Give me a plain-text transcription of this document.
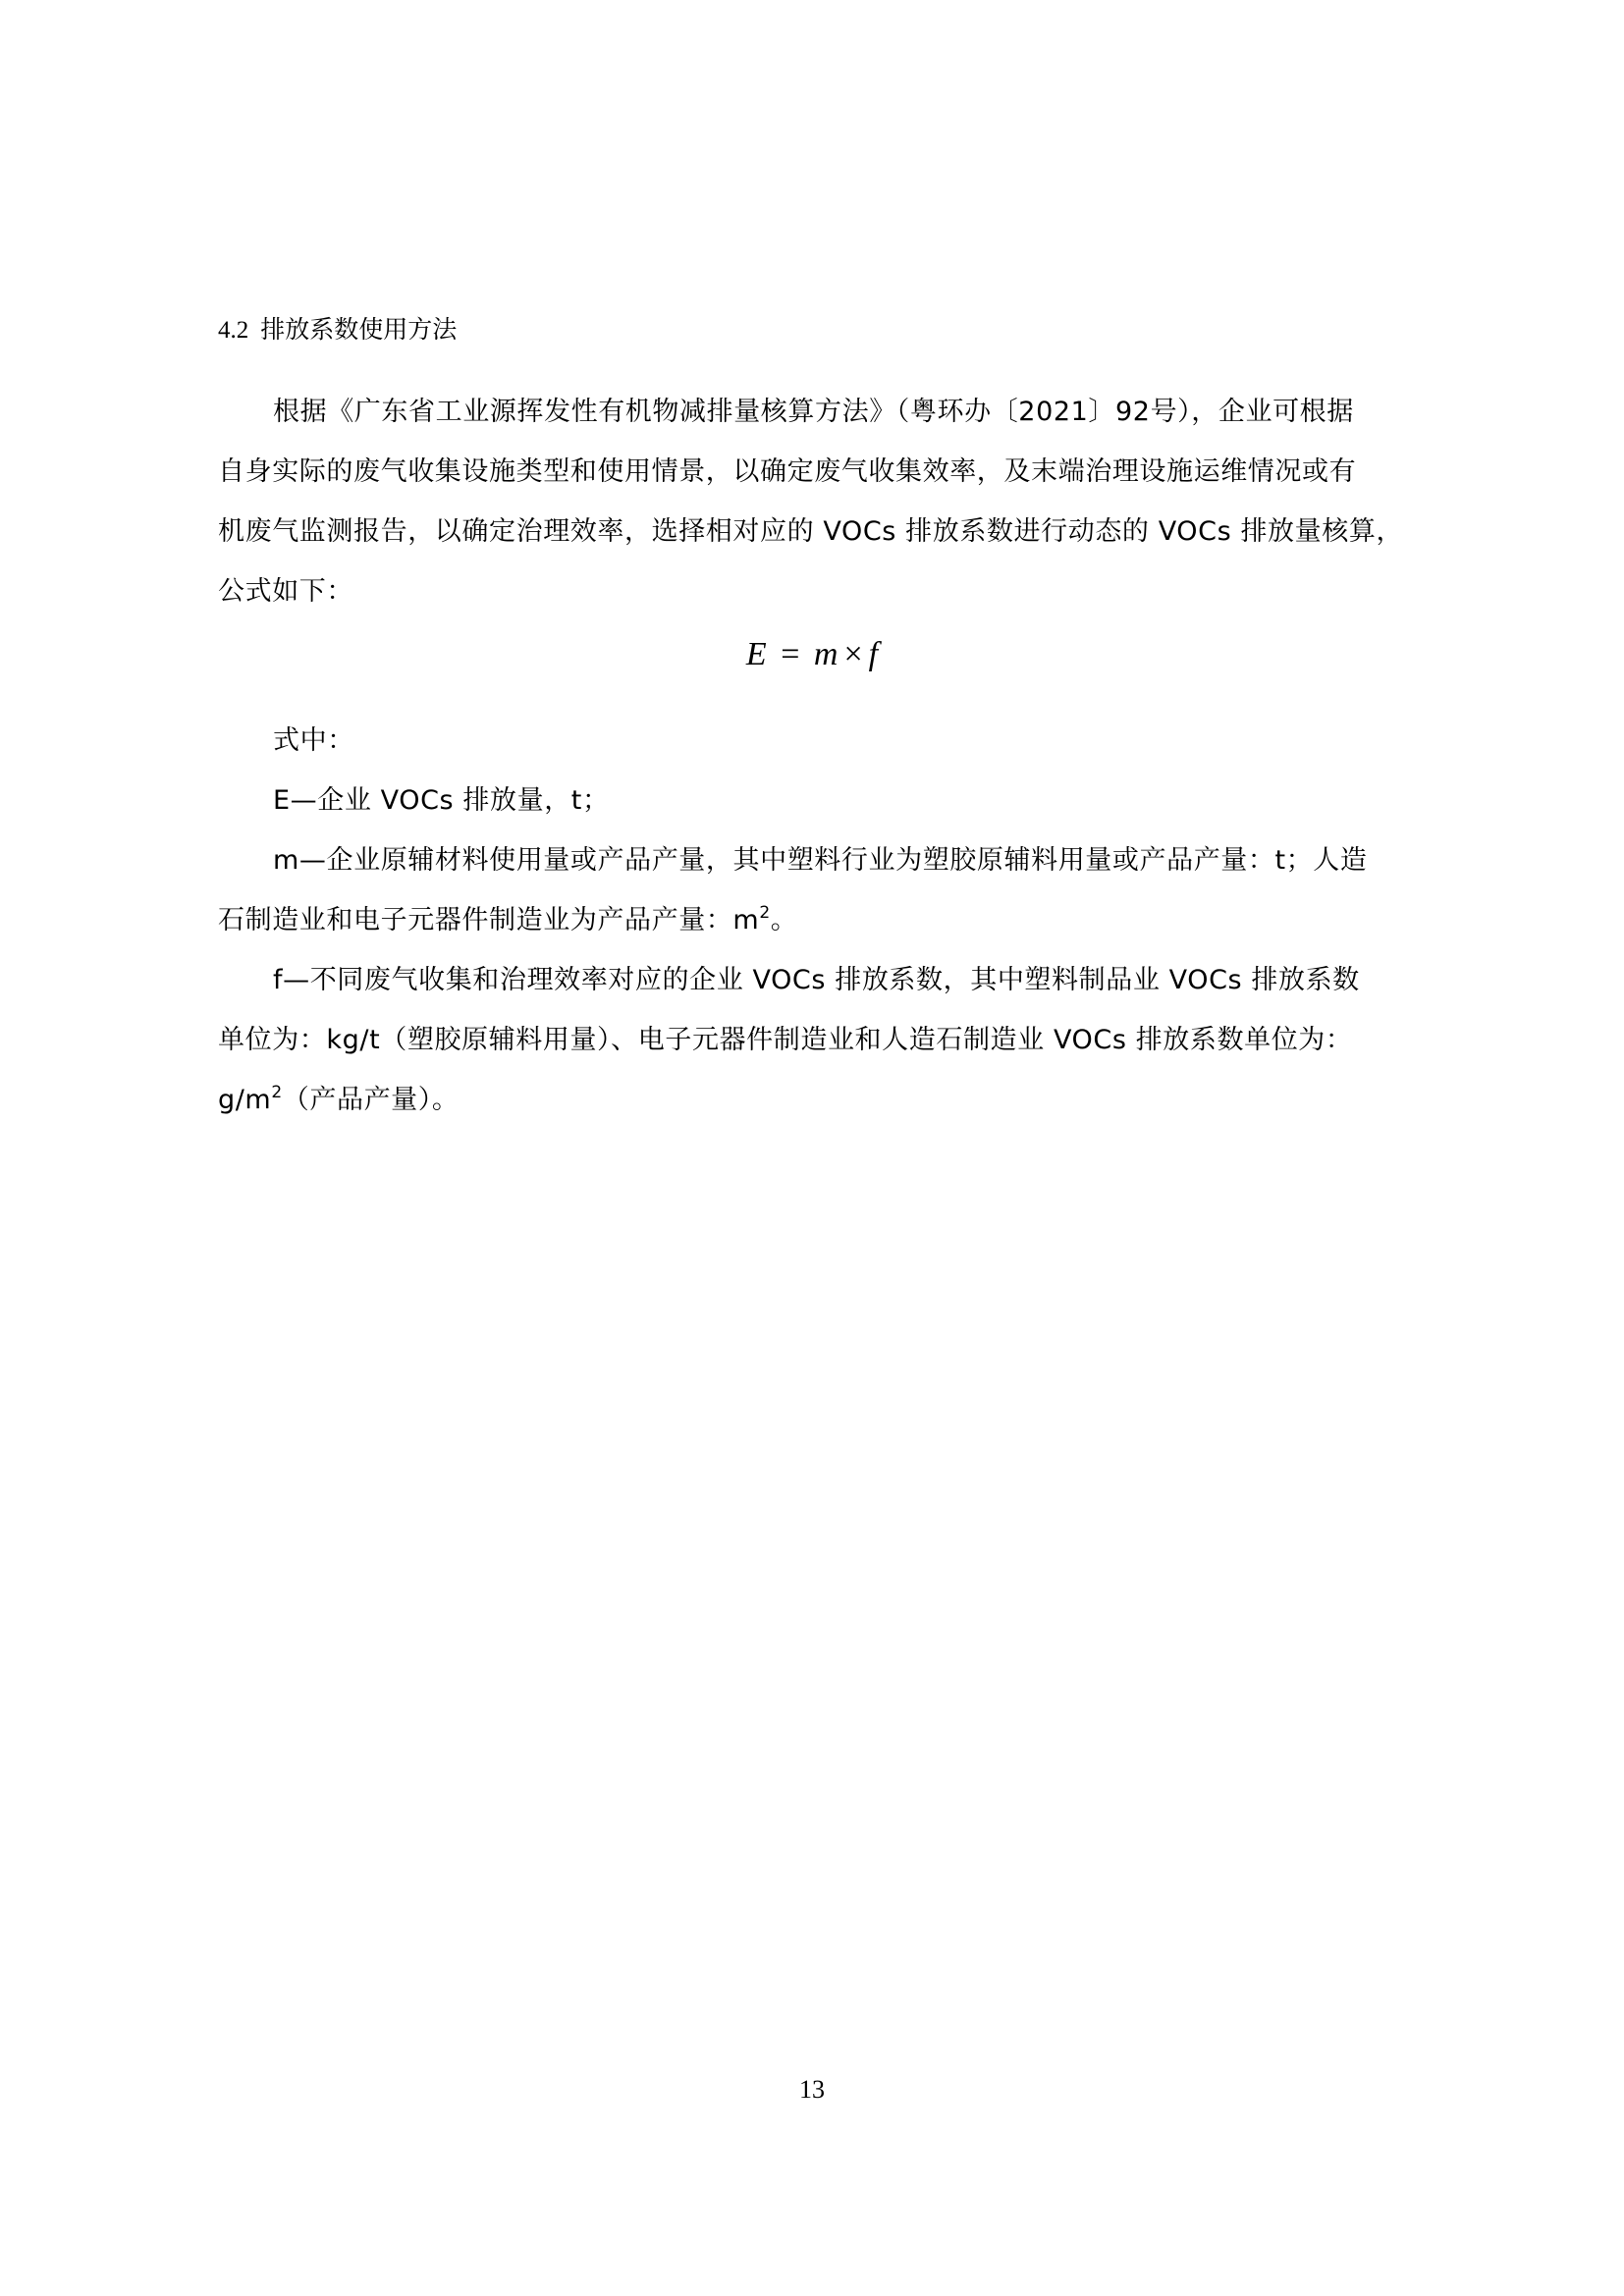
4.2 排放系数使用方法
根据《广东省工业源挥发性有机物减排量核算方法》（粤环办〔2021〕92号），企业可根据
自身实际的废气收集设施类型和使用情景，以确定废气收集效率，及末端治理设施运维情况或有
机废气监测报告，以确定治理效率，选择相对应的 VOCs 排放系数进行动态的 VOCs 排放量核算，
公式如下：
E = m × f
式中：
E—企业 VOCs 排放量，t；
m—企业原辅材料使用量或产品产量，其中塑料行业为塑胶原辅料用量或产品产量：t；人造
石制造业和电子元器件制造业为产品产量：$m^2$。
f—不同废气收集和治理效率对应的企业 VOCs 排放系数，其中塑料制品业 VOCs 排放系数
单位为：kg/t（塑胶原辅料用量）、电子元器件制造业和人造石制造业 VOCs 排放系数单位为：
$g/m^2$（产品产量）。
13
